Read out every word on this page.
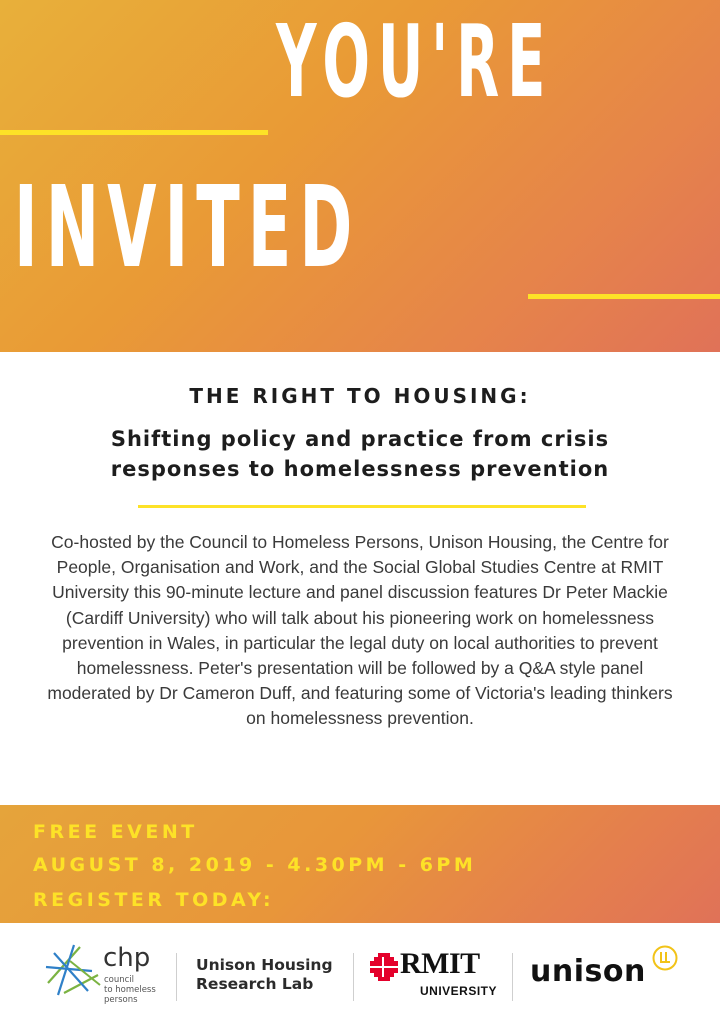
YOU'RE
INVITED
THE RIGHT TO HOUSING:
Shifting policy and practice from crisis
responses to homelessness prevention

Co-hosted by the Council to Homeless Persons, Unison Housing, the Centre for People, Organisation and Work, and the Social Global Studies Centre at RMIT University this 90-minute lecture and panel discussion features Dr Peter Mackie (Cardiff University) who will talk about his pioneering work on homelessness prevention in Wales, in particular the legal duty on local authorities to prevent homelessness. Peter's presentation will be followed by a Q&A style panel moderated by Dr Cameron Duff, and featuring some of Victoria's leading thinkers on homelessness prevention.

FREE EVENT
AUGUST 8, 2019 - 4.30PM - 6PM
REGISTER TODAY:
chp
council
to homeless
persons
Unison Housing
Research Lab
RMIT
UNIVERSITY
unison
